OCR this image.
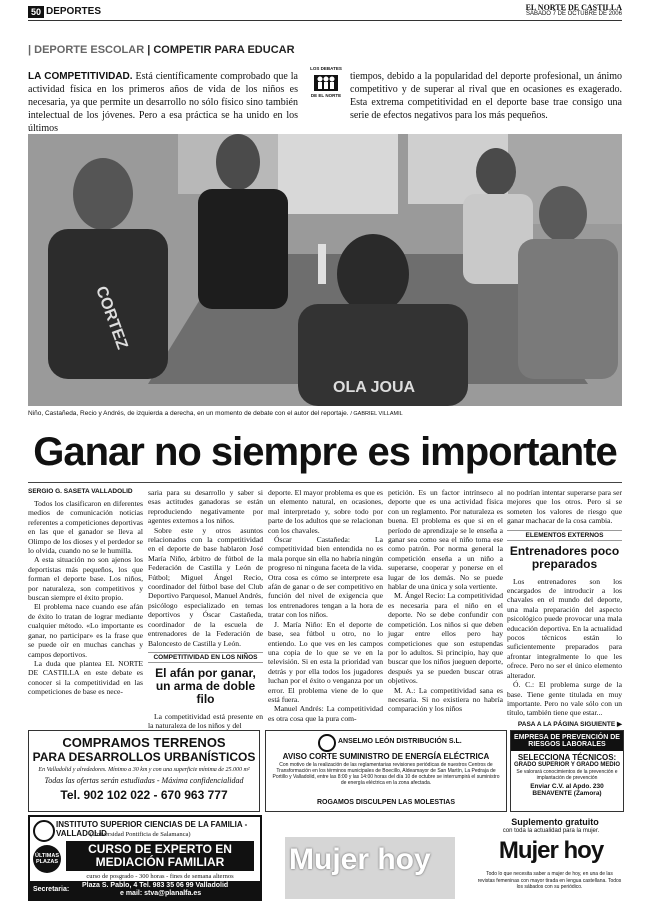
50 DEPORTES	EL NORTE DE CASTILLA
SÁBADO 7 DE OCTUBRE DE 2006
| DEPORTE ESCOLAR | COMPETIR PARA EDUCAR
LA COMPETITIVIDAD. Está científicamente comprobado que la actividad física en los primeros años de vida de los niños es necesaria, ya que permite un desarrollo no sólo físico sino también intelectual de los jóvenes. Pero a esa práctica se ha unido en los últimos
LOS DEBATES
DE EL NORTE
tiempos, debido a la popularidad del deporte profesional, un ánimo competitivo y de superar al rival que en ocasiones es exagerado. Esta extrema competitividad en el deporte base trae consigo una serie de efectos negativos para los más pequeños.
CORTEZ
OLA JOUA
Niño, Castañeda, Recio y Andrés, de izquierda a derecha, en un momento de debate con el autor del reportaje. / GABRIEL VILLAMIL
Ganar no siempre es importante
SERGIO G. SASETA VALLADOLID

Todos los clasificaron en diferentes medios de comunicación noticias referentes a competiciones deportivas en las que el ganador se lleva al Olimpo de los dioses y el perdedor se lo olvida, cuando no se le humilla.

A esta situación no son ajenos los deportistas más pequeños, los que forman el deporte base. Los niños, por naturaleza, son competitivos y buscan siempre el éxito propio.

El problema nace cuando ese afán de éxito lo tratan de lograr mediante cualquier método. «Lo importante es ganar, no participar» es la frase que se puede oír en muchas canchas y campos deportivos.

La duda que plantea EL NORTE DE CASTILLA en este debate es conocer si la competitividad en las competiciones de base es nece-

saria para su desarrollo y saber si esas actitudes ganadoras se están reproduciendo negativamente por agentes externos a los niños.

Sobre este y otros asuntos relacionados con la competitividad en el deporte de base hablaron José María Niño, árbitro de fútbol de la Federación de Castilla y León de Fútbol; Miguel Ángel Recio, coordinador del fútbol base del Club Deportivo Parquesol, Manuel Andrés, psicólogo especializado en temas deportivos y Óscar Castañeda, coordinador de la escuela de entrenadores de la Federación de Baloncesto de Castilla y León.

COMPETITIVIDAD EN LOS NIÑOS
El afán por ganar, un arma de doble filo

La competitividad está presente en la naturaleza de los niños y del

deporte. El mayor problema es que es un elemento natural, en ocasiones, mal interpretado y, sobre todo por parte de los adultos que se relacionan con los chavales.

Óscar Castañeda: La competitividad bien entendida no es mala porque sin ella no habría ningún progreso ni ninguna faceta de la vida. Otra cosa es cómo se interprete esa afán de ganar o de ser competitivo en función del nivel de exigencia que los entrenadores tengan a la hora de tratar con los niños.

J. María Niño: En el deporte de base, sea fútbol u otro, no lo entiendo. Lo que ves en les campos una copia de lo que se ve en la televisión. Si en esta la prioridad van detrás y por ella todos los jugadores luchan por el éxito o venganza por un error. El problema viene de lo que está fuera.

Manuel Andrés: La competitividad es otra cosa que la pura com-

petición. Es un factor intrínseco al deporte que es una actividad física con un reglamento. Por naturaleza es buena. El problema es que si en el período de aprendizaje se le enseña a ganar sea como sea el niño toma ese como patrón. Por norma general la competición enseña a un niño a superarse, cooperar y ponerse en el lugar de los demás. No se puede hablar de una única y sola vertiente.

M. Ángel Recio: La competitividad es necesaria para el niño en el deporte. No se debe confundir con competición. Los niños si que deben jugar entre ellos pero hay competiciones que son estupendas por lo adultos. Si principio, hay que buscar que los niños jueguen deporte, después ya se pueden buscar otras objetivos.

M. A.: La competitividad sana es necesaria. Si no existiera no habría comparación y los niños

no podrían intentar superarse para ser mejores que los otros. Pero si se someten los valores de riesgo que ganar machacar de la cosa cambia.

ELEMENTOS EXTERNOS
Entrenadores poco preparados

Los entrenadores son los encargados de introducir a los chavales en el mundo del deporte, una mala preparación del aspecto psicológico puede provocar una mala educación deportiva. En la actualidad pocos técnicos están lo suficientemente preparados para afrontar integralmente lo que les ofrece. Pero no ser el único elemento alterador.

Ó. C.: El problema surge de la base. Tiene gente titulada en muy importante. Pero no vale sólo con un título, también tiene que estar...

PASA A LA PÁGINA SIGUIENTE ▶
COMPRAMOS TERRENOS
PARA DESARROLLOS URBANÍSTICOS
En Valladolid y alrededores. Mínimo a 30 km y con una superficie mínima de 25.000 m²
Todas las ofertas serán estudiadas - Máxima confidencialidad
Tel. 902 102 022 - 670 963 777
INSTITUTO SUPERIOR CIENCIAS DE LA FAMILIA - VALLADOLID
(Universidad Pontificia de Salamanca)
ÚLTIMAS PLAZAS
CURSO DE EXPERTO EN
MEDIACIÓN FAMILIAR
curso de posgrado - 300 horas - fines de semana alternos
Secretaria:
Plaza S. Pablo, 4 Tel. 983 35 06 99 Valladolid
e mail: stva@planalfa.es
ANSELMO LEÓN DISTRIBUCIÓN S.L.
AVISO CORTE SUMINISTRO DE ENERGÍA ELÉCTRICA
Con motivo de la realización de las reglamentarias revisiones periódicas de nuestros Centros de Transformación en los términos municipales de Boecillo, Aldeamayor de San Martín, La Pedraja de Portillo y Valladolid, entre las 8:00 y las 14:00 horas del día 10 de octubre se interrumpirá el suministro de energía eléctrica en la zona afectada.
ROGAMOS DISCULPEN LAS MOLESTIAS
EMPRESA DE PREVENCIÓN DE RIESGOS LABORALES
SELECCIONA TÉCNICOS:
GRADO SUPERIOR Y GRADO MEDIO
Se valorará conocimientos de la prevención e implantación de prevención
Enviar C.V. al Apdo. 230
BENAVENTE (Zamora)
Mujer hoy
Suplemento gratuito
con toda la actualidad para la mujer.
Mujer hoy
Todo lo que necesita saber a mujer de hoy, en una de las revistas femeninas con mayor tirada en lengua castellana. Todos los sábados con su periódico.
